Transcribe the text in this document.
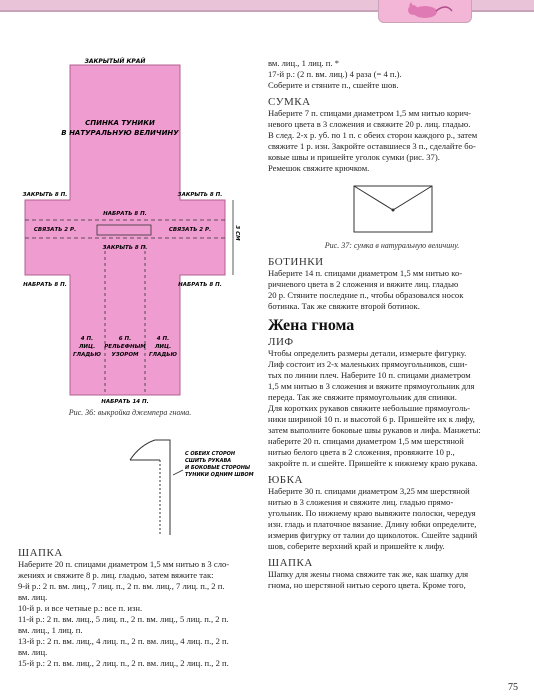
ЗАКРЫТЫЙ КРАЙ
СПИНКА ТУНИКИ
В НАТУРАЛЬНУЮ ВЕЛИЧИНУ
ЗАКРЫТЬ 8 П.	ЗАКРЫТЬ 8 П.
СВЯЗАТЬ 2 Р.	СВЯЗАТЬ 2 Р.
НАБРАТЬ 8 П.
ЗАКРЫТЬ 8 П.
НАБРАТЬ 8 П.	НАБРАТЬ 8 П.
3 СМ
4 П.
ЛИЦ.
ГЛАДЬЮ
6 П.
РЕЛЬЕФНЫМ
УЗОРОМ
4 П.
ЛИЦ.
ГЛАДЬЮ
НАБРАТЬ 14 П.
Рис. 36: выкройка джемпера гнома.
С ОБЕИХ СТОРОН
СШИТЬ РУКАВА
И БОКОВЫЕ СТОРОНЫ
ТУНИКИ ОДНИМ ШВОМ

ШАПКА

Наберите 20 п. спицами диаметром 1,5 мм нитью в 3 сло-

жениях и свяжите 8 р. лиц. гладью, затем вяжите так:

9-й р.: 2 п. вм. лиц., 7 лиц. п., 2 п. вм. лиц., 7 лиц. п., 2 п.

вм. лиц.

10-й р. и все четные р.: все п. изн.

11-й р.: 2 п. вм. лиц., 5 лиц. п., 2 п. вм. лиц., 5 лиц. п., 2 п.

вм. лиц., 1 лиц. п.

13-й р.: 2 п. вм. лиц., 4 лиц. п., 2 п. вм. лиц., 4 лиц. п., 2 п.

вм. лиц.

15-й р.: 2 п. вм. лиц., 2 лиц. п., 2 п. вм. лиц., 2 лиц. п., 2 п.

вм. лиц., 1 лиц. п. *

17-й р.: (2 п. вм. лиц.) 4 раза (= 4 п.).

Соберите и стяните п., сшейте шов.

СУМКА

Наберите 7 п. спицами диаметром 1,5 мм нитью корич-

невого цвета в 3 сложения и свяжите 20 р. лиц. гладью.

В след. 2-х р. уб. по 1 п. с обеих сторон каждого р., затем

свяжите 1 р. изн. Закройте оставшиеся 3 п., сделайте бо-

ковые швы и пришейте уголок сумки (рис. 37).

Ремешок свяжите крючком.

Рис. 37: сумка в натуральную величину.

БОТИНКИ

Наберите 14 п. спицами диаметром 1,5 мм нитью ко-

ричневого цвета в 2 сложения и вяжите лиц. гладью

20 р. Стяните последние п., чтобы образовался носок

ботинка. Так же свяжите второй ботинок.

Жена гнома

ЛИФ

Чтобы определить размеры детали, измерьте фигурку.

Лиф состоит из 2-х маленьких прямоугольников, сши-

тых по линии плеч. Наберите 10 п. спицами диаметром

1,5 мм нитью в 3 сложения и вяжите прямоугольник для

переда. Так же свяжите прямоугольник для спинки.

Для коротких рукавов свяжите небольшие прямоуголь-

ники шириной 10 п. и высотой 6 р. Пришейте их к лифу,

затем выполните боковые швы рукавов и лифа. Манжеты:

наберите 20 п. спицами диаметром 1,5 мм шерстяной

нитью белого цвета в 2 сложения, провяжите 10 р.,

закройте п. и сшейте. Пришейте к нижнему краю рукава.

ЮБКА

Наберите 30 п. спицами диаметром 3,25 мм шерстяной

нитью в 3 сложения и свяжите лиц. гладью прямо-

угольник. По нижнему краю вывяжите полоски, чередуя

изн. гладь и платочное вязание. Длину юбки определите,

измерив фигурку от талии до щиколоток. Сшейте задний

шов, соберите верхний край и пришейте к лифу.

ШАПКА

Шапку для жены гнома свяжите так же, как шапку для

гнома, но шерстяной нитью серого цвета. Кроме того,

75
